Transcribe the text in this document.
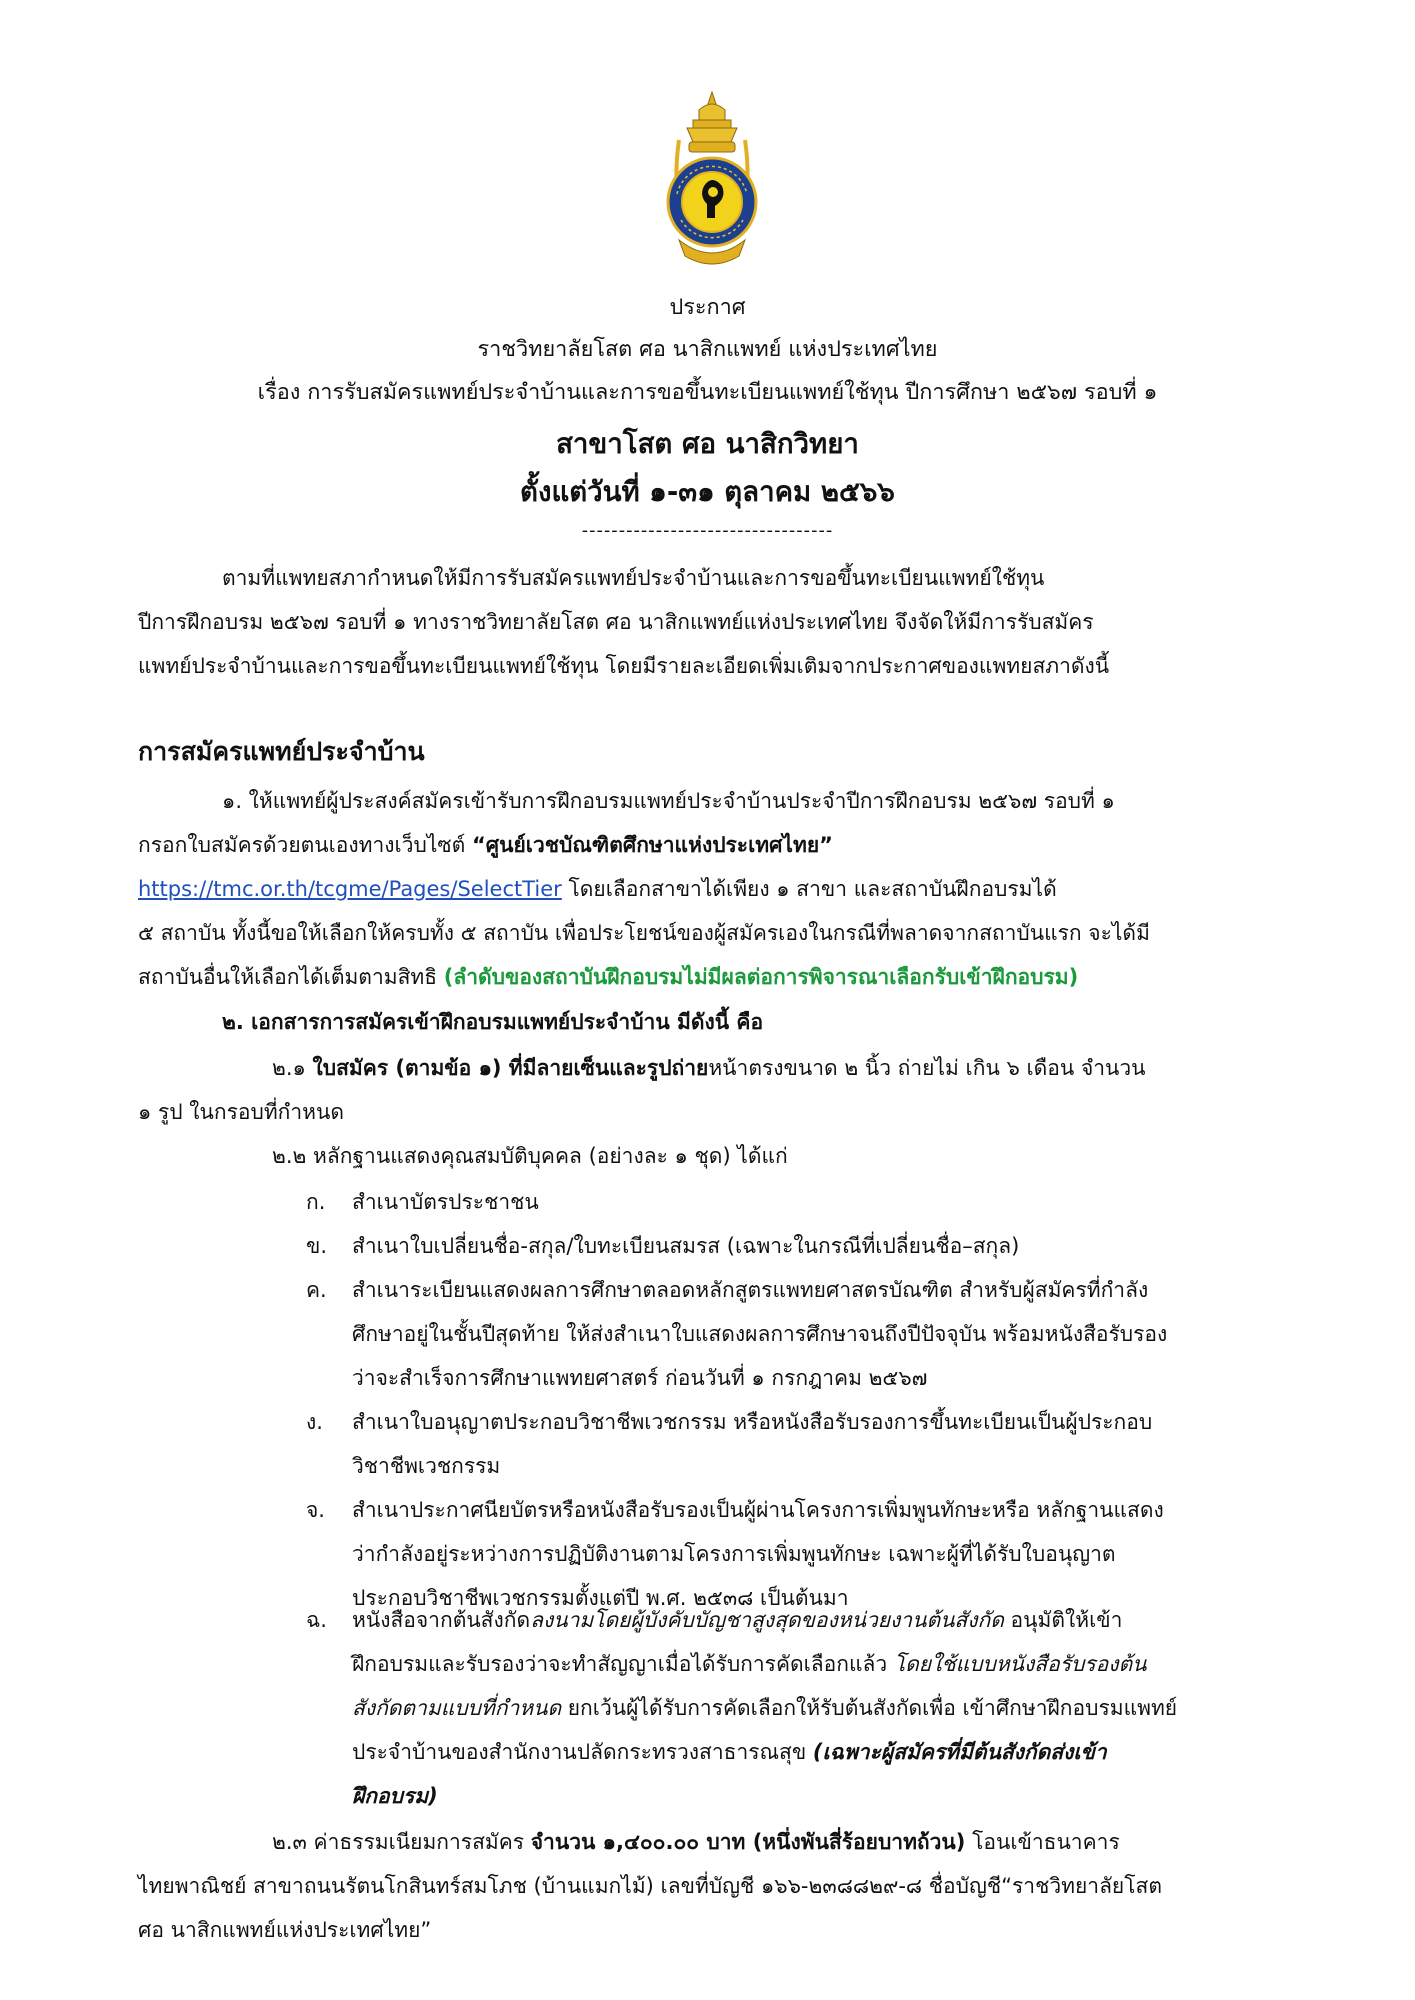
ประกาศ
ราชวิทยาลัยโสต ศอ นาสิกแพทย์ แห่งประเทศไทย
เรื่อง การรับสมัครแพทย์ประจำบ้านและการขอขึ้นทะเบียนแพทย์ใช้ทุน ปีการศึกษา ๒๕๖๗ รอบที่ ๑
สาขาโสต ศอ นาสิกวิทยา
ตั้งแต่วันที่ ๑-๓๑ ตุลาคม ๒๕๖๖
----------------------------------
ตามที่แพทยสภากำหนดให้มีการรับสมัครแพทย์ประจำบ้านและการขอขึ้นทะเบียนแพทย์ใช้ทุน
ปีการฝึกอบรม ๒๕๖๗ รอบที่ ๑ ทางราชวิทยาลัยโสต ศอ นาสิกแพทย์แห่งประเทศไทย จึงจัดให้มีการรับสมัคร
แพทย์ประจำบ้านและการขอขึ้นทะเบียนแพทย์ใช้ทุน โดยมีรายละเอียดเพิ่มเติมจากประกาศของแพทยสภาดังนี้
การสมัครแพทย์ประจำบ้าน
๑. ให้แพทย์ผู้ประสงค์สมัครเข้ารับการฝึกอบรมแพทย์ประจำบ้านประจำปีการฝึกอบรม ๒๕๖๗ รอบที่ ๑
กรอกใบสมัครด้วยตนเองทางเว็บไซต์ “ศูนย์เวชบัณฑิตศึกษาแห่งประเทศไทย”
https://tmc.or.th/tcgme/Pages/SelectTier โดยเลือกสาขาได้เพียง ๑ สาขา และสถาบันฝึกอบรมได้
๕ สถาบัน ทั้งนี้ขอให้เลือกให้ครบทั้ง ๕ สถาบัน เพื่อประโยชน์ของผู้สมัครเองในกรณีที่พลาดจากสถาบันแรก จะได้มี
สถาบันอื่นให้เลือกได้เต็มตามสิทธิ (ลำดับของสถาบันฝึกอบรมไม่มีผลต่อการพิจารณาเลือกรับเข้าฝึกอบรม)
๒. เอกสารการสมัครเข้าฝึกอบรมแพทย์ประจำบ้าน มีดังนี้ คือ
๒.๑ ใบสมัคร (ตามข้อ ๑) ที่มีลายเซ็นและรูปถ่ายหน้าตรงขนาด ๒ นิ้ว ถ่ายไม่ เกิน ๖ เดือน จำนวน
๑ รูป ในกรอบที่กำหนด
๒.๒ หลักฐานแสดงคุณสมบัติบุคคล (อย่างละ ๑ ชุด) ได้แก่
ก. สำเนาบัตรประชาชน
ข. สำเนาใบเปลี่ยนชื่อ-สกุล/ใบทะเบียนสมรส (เฉพาะในกรณีที่เปลี่ยนชื่อ–สกุล)
ค. สำเนาระเบียนแสดงผลการศึกษาตลอดหลักสูตรแพทยศาสตรบัณฑิต สำหรับผู้สมัครที่กำลัง
ศึกษาอยู่ในชั้นปีสุดท้าย ให้ส่งสำเนาใบแสดงผลการศึกษาจนถึงปีปัจจุบัน พร้อมหนังสือรับรอง
ว่าจะสำเร็จการศึกษาแพทยศาสตร์ ก่อนวันที่ ๑ กรกฎาคม ๒๕๖๗
ง. สำเนาใบอนุญาตประกอบวิชาชีพเวชกรรม หรือหนังสือรับรองการขึ้นทะเบียนเป็นผู้ประกอบ
วิชาชีพเวชกรรม
จ. สำเนาประกาศนียบัตรหรือหนังสือรับรองเป็นผู้ผ่านโครงการเพิ่มพูนทักษะหรือ หลักฐานแสดง
ว่ากำลังอยู่ระหว่างการปฏิบัติงานตามโครงการเพิ่มพูนทักษะ เฉพาะผู้ที่ได้รับใบอนุญาต
ประกอบวิชาชีพเวชกรรมตั้งแต่ปี พ.ศ. ๒๕๓๘ เป็นต้นมา
ฉ. หนังสือจากต้นสังกัดลงนามโดยผู้บังคับบัญชาสูงสุดของหน่วยงานต้นสังกัด อนุมัติให้เข้า
ฝึกอบรมและรับรองว่าจะทำสัญญาเมื่อได้รับการคัดเลือกแล้ว โดยใช้แบบหนังสือรับรองต้น
สังกัดตามแบบที่กำหนด ยกเว้นผู้ได้รับการคัดเลือกให้รับต้นสังกัดเพื่อ เข้าศึกษาฝึกอบรมแพทย์
ประจำบ้านของสำนักงานปลัดกระทรวงสาธารณสุข (เฉพาะผู้สมัครที่มีต้นสังกัดส่งเข้า
ฝึกอบรม)
๒.๓ ค่าธรรมเนียมการสมัคร จำนวน ๑,๔๐๐.๐๐ บาท (หนึ่งพันสี่ร้อยบาทถ้วน) โอนเข้าธนาคาร
ไทยพาณิชย์ สาขาถนนรัตนโกสินทร์สมโภช (บ้านแมกไม้) เลขที่บัญชี ๑๖๖-๒๓๘๘๒๙-๘ ชื่อบัญชี“ราชวิทยาลัยโสต
ศอ นาสิกแพทย์แห่งประเทศไทย”
